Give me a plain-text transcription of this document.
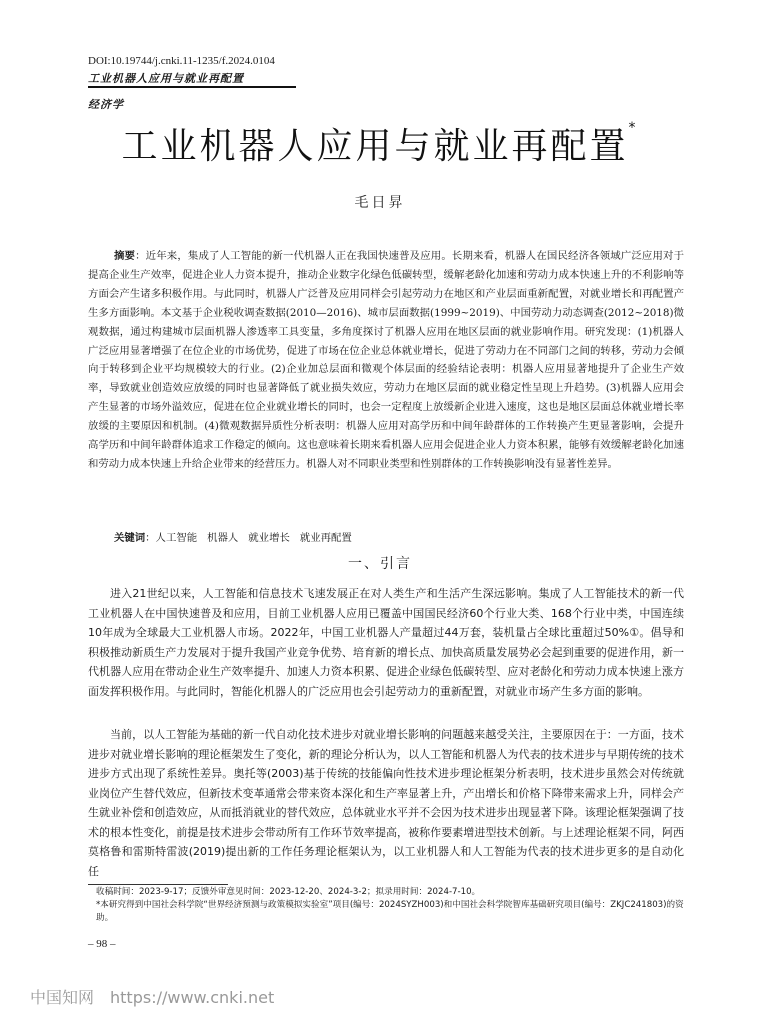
DOI:10.19744/j.cnki.11-1235/f.2024.0104
工业机器人应用与就业再配置
经济学
工业机器人应用与就业再配置*
毛日昇

摘要：近年来，集成了人工智能的新一代机器人正在我国快速普及应用。长期来看，机器人在国民经济各领域广泛应用对于提高企业生产效率，促进企业人力资本提升，推动企业数字化绿色低碳转型，缓解老龄化加速和劳动力成本快速上升的不利影响等方面会产生诸多积极作用。与此同时，机器人广泛普及应用同样会引起劳动力在地区和产业层面重新配置，对就业增长和再配置产生多方面影响。本文基于企业税收调查数据(2010—2016)、城市层面数据(1999~2019)、中国劳动力动态调查(2012~2018)微观数据，通过构建城市层面机器人渗透率工具变量，多角度探讨了机器人应用在地区层面的就业影响作用。研究发现：(1)机器人广泛应用显著增强了在位企业的市场优势，促进了市场在位企业总体就业增长，促进了劳动力在不同部门之间的转移，劳动力会倾向于转移到企业平均规模较大的行业。(2)企业加总层面和微观个体层面的经验结论表明：机器人应用显著地提升了企业生产效率，导致就业创造效应放缓的同时也显著降低了就业损失效应，劳动力在地区层面的就业稳定性呈现上升趋势。(3)机器人应用会产生显著的市场外溢效应，促进在位企业就业增长的同时，也会一定程度上放缓新企业进入速度，这也是地区层面总体就业增长率放缓的主要原因和机制。(4)微观数据异质性分析表明：机器人应用对高学历和中间年龄群体的工作转换产生更显著影响，会提升高学历和中间年龄群体追求工作稳定的倾向。这也意味着长期来看机器人应用会促进企业人力资本积累，能够有效缓解老龄化加速和劳动力成本快速上升给企业带来的经营压力。机器人对不同职业类型和性别群体的工作转换影响没有显著性差异。

关键词：人工智能 机器人 就业增长 就业再配置
一、引言

进入21世纪以来，人工智能和信息技术飞速发展正在对人类生产和生活产生深远影响。集成了人工智能技术的新一代工业机器人在中国快速普及和应用，目前工业机器人应用已覆盖中国国民经济60个行业大类、168个行业中类，中国连续10年成为全球最大工业机器人市场。2022年，中国工业机器人产量超过44万套，装机量占全球比重超过50%①。倡导和积极推动新质生产力发展对于提升我国产业竞争优势、培育新的增长点、加快高质量发展势必会起到重要的促进作用，新一代机器人应用在带动企业生产效率提升、加速人力资本积累、促进企业绿色低碳转型、应对老龄化和劳动力成本快速上涨方面发挥积极作用。与此同时，智能化机器人的广泛应用也会引起劳动力的重新配置，对就业市场产生多方面的影响。

当前，以人工智能为基础的新一代自动化技术进步对就业增长影响的问题越来越受关注，主要原因在于：一方面，技术进步对就业增长影响的理论框架发生了变化，新的理论分析认为，以人工智能和机器人为代表的技术进步与早期传统的技术进步方式出现了系统性差异。奥托等(2003)基于传统的技能偏向性技术进步理论框架分析表明，技术进步虽然会对传统就业岗位产生替代效应，但新技术变革通常会带来资本深化和生产率显著上升，产出增长和价格下降带来需求上升，同样会产生就业补偿和创造效应，从而抵消就业的替代效应，总体就业水平并不会因为技术进步出现显著下降。该理论框架强调了技术的根本性变化，前提是技术进步会带动所有工作环节效率提高，被称作要素增进型技术创新。与上述理论框架不同，阿西莫格鲁和雷斯特雷波(2019)提出新的工作任务理论框架认为，以工业机器人和人工智能为代表的技术进步更多的是自动化任

收稿时间：2023-9-17；反馈外审意见时间：2023-12-20、2024-3-2；拟录用时间：2024-7-10。
*本研究得到中国社会科学院“世界经济预测与政策模拟实验室”项目(编号：2024SYZH003)和中国社会科学院智库基础研究项目(编号：ZKJC241803)的资助。
– 98 –
中国知网 https://www.cnki.net
